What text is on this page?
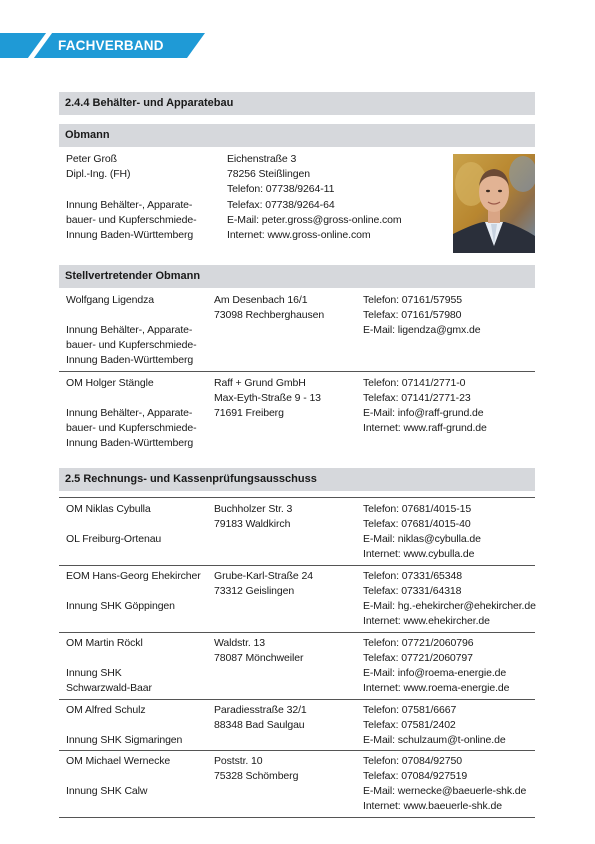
FACHVERBAND
2.4.4 Behälter- und Apparatebau
Obmann
Peter Groß
Dipl.-Ing. (FH)
Innung Behälter-, Apparate-
bauer- und Kupferschmiede-
Innung Baden-Württemberg
Eichenstraße 3
78256 Steißlingen
Telefon: 07738/9264-11
Telefax: 07738/9264-64
E-Mail: peter.gross@gross-online.com
Internet: www.gross-online.com
Stellvertretender Obmann
Wolfgang Ligendza
Innung Behälter-, Apparate-
bauer- und Kupferschmiede-
Innung Baden-Württemberg
Am Desenbach 16/1
73098 Rechberghausen
Telefon: 07161/57955
Telefax: 07161/57980
E-Mail: ligendza@gmx.de
OM Holger Stängle
Innung Behälter-, Apparate-
bauer- und Kupferschmiede-
Innung Baden-Württemberg
Raff + Grund GmbH
Max-Eyth-Straße 9 - 13
71691 Freiberg
Telefon: 07141/2771-0
Telefax: 07141/2771-23
E-Mail: info@raff-grund.de
Internet: www.raff-grund.de
2.5 Rechnungs- und Kassenprüfungsausschuss
OM Niklas Cybulla
OL Freiburg-Ortenau
Buchholzer Str. 3
79183 Waldkirch
Telefon: 07681/4015-15
Telefax: 07681/4015-40
E-Mail: niklas@cybulla.de
Internet: www.cybulla.de
EOM Hans-Georg Ehekircher
Innung SHK Göppingen
Grube-Karl-Straße 24
73312 Geislingen
Telefon: 07331/65348
Telefax: 07331/64318
E-Mail: hg.-ehekircher@ehekircher.de
Internet: www.ehekircher.de
OM Martin Röckl
Innung SHK
Schwarzwald-Baar
Waldstr. 13
78087 Mönchweiler
Telefon: 07721/2060796
Telefax: 07721/2060797
E-Mail: info@roema-energie.de
Internet: www.roema-energie.de
OM Alfred Schulz
Innung SHK Sigmaringen
Paradiesstraße 32/1
88348 Bad Saulgau
Telefon: 07581/6667
Telefax: 07581/2402
E-Mail: schulzaum@t-online.de
OM Michael Wernecke
Innung SHK Calw
Poststr. 10
75328 Schömberg
Telefon: 07084/92750
Telefax: 07084/927519
E-Mail: wernecke@baeuerle-shk.de
Internet: www.baeuerle-shk.de
